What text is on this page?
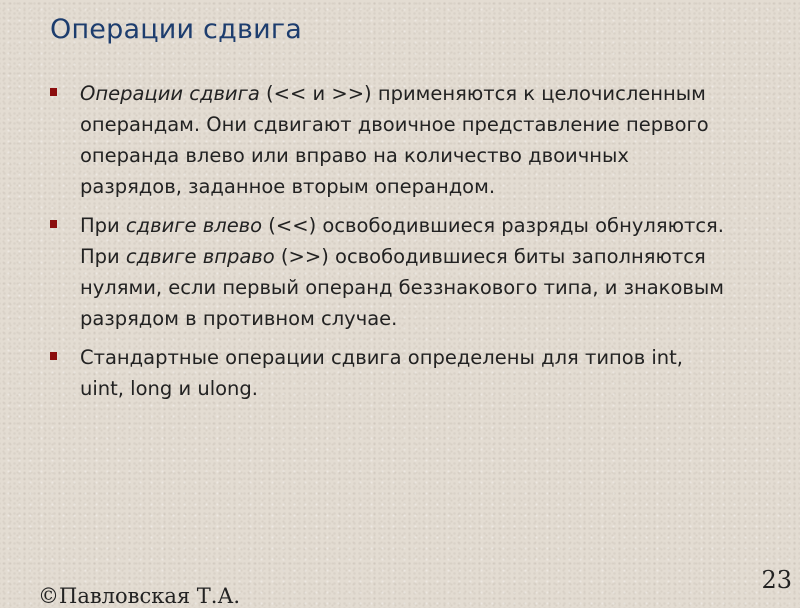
Операции сдвига
Операции сдвига (<< и >>) применяются к целочисленным операндам. Они сдвигают двоичное представление первого операнда влево или вправо на количество двоичных разрядов, заданное вторым операндом.
При сдвиге влево (<<) освободившиеся разряды обнуляются. При сдвиге вправо (>>) освободившиеся биты заполняются нулями, если первый операнд беззнакового типа, и знаковым разрядом в противном случае.
Стандартные операции сдвига определены для типов int, uint, long и ulong.
23
©Павловская Т.А.
